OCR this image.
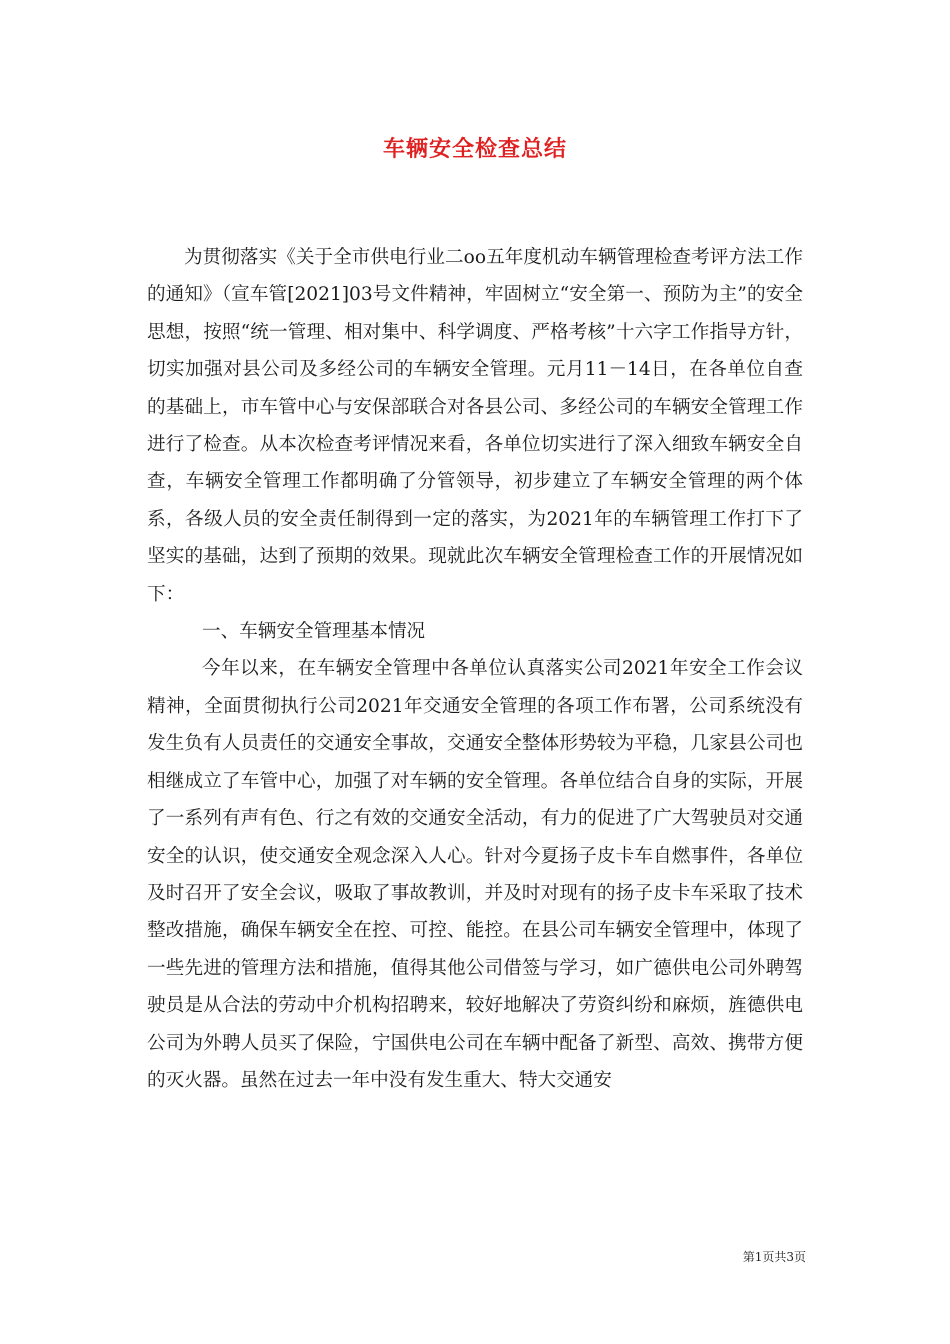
车辆安全检查总结

为贯彻落实《关于全市供电行业二oo五年度机动车辆管理检查考评方法工作的通知》（宣车管[2021]03号文件精神，牢固树立“安全第一、预防为主”的安全思想，按照“统一管理、相对集中、科学调度、严格考核”十六字工作指导方针，切实加强对县公司及多经公司的车辆安全管理。元月11－14日，在各单位自查的基础上，市车管中心与安保部联合对各县公司、多经公司的车辆安全管理工作进行了检查。从本次检查考评情况来看，各单位切实进行了深入细致车辆安全自查，车辆安全管理工作都明确了分管领导，初步建立了车辆安全管理的两个体系，各级人员的安全责任制得到一定的落实，为2021年的车辆管理工作打下了坚实的基础，达到了预期的效果。现就此次车辆安全管理检查工作的开展情况如下：

一、车辆安全管理基本情况

今年以来，在车辆安全管理中各单位认真落实公司2021年安全工作会议精神，全面贯彻执行公司2021年交通安全管理的各项工作布署，公司系统没有发生负有人员责任的交通安全事故，交通安全整体形势较为平稳，几家县公司也相继成立了车管中心，加强了对车辆的安全管理。各单位结合自身的实际，开展了一系列有声有色、行之有效的交通安全活动，有力的促进了广大驾驶员对交通安全的认识，使交通安全观念深入人心。针对今夏扬子皮卡车自燃事件，各单位及时召开了安全会议，吸取了事故教训，并及时对现有的扬子皮卡车采取了技术整改措施，确保车辆安全在控、可控、能控。在县公司车辆安全管理中，体现了一些先进的管理方法和措施，值得其他公司借签与学习，如广德供电公司外聘驾驶员是从合法的劳动中介机构招聘来，较好地解决了劳资纠纷和麻烦，旌德供电公司为外聘人员买了保险，宁国供电公司在车辆中配备了新型、高效、携带方便的灭火器。虽然在过去一年中没有发生重大、特大交通安

第1页共3页
